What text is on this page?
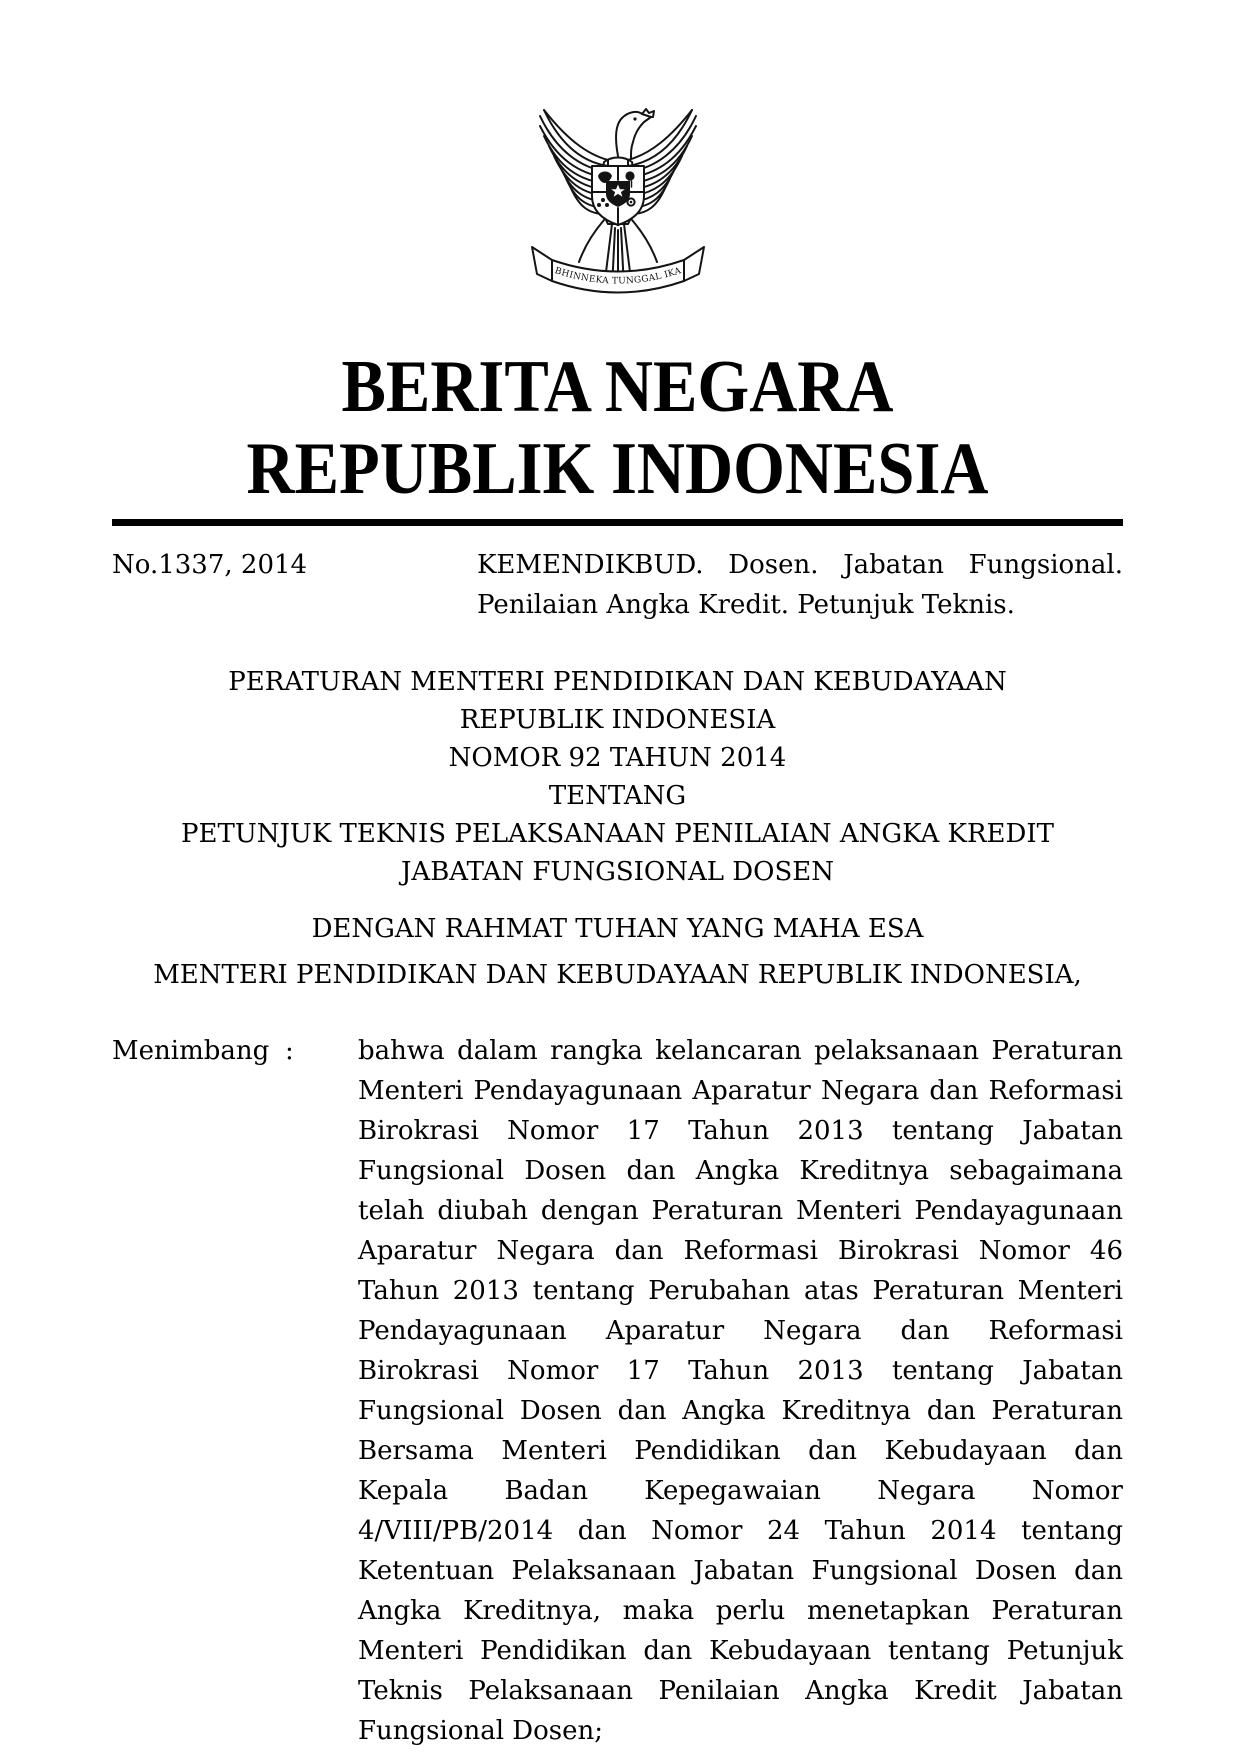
BHINNEKA TUNGGAL IKA
BERITA NEGARA
REPUBLIK INDONESIA
No.1337, 2014	KEMENDIKBUD. Dosen. Jabatan Fungsional.
Penilaian Angka Kredit. Petunjuk Teknis.
PERATURAN MENTERI PENDIDIKAN DAN KEBUDAYAAN
REPUBLIK INDONESIA
NOMOR 92 TAHUN 2014
TENTANG
PETUNJUK TEKNIS PELAKSANAAN PENILAIAN ANGKA KREDIT
JABATAN FUNGSIONAL DOSEN
DENGAN RAHMAT TUHAN YANG MAHA ESA
MENTERI PENDIDIKAN DAN KEBUDAYAAN REPUBLIK INDONESIA,
Menimbang :	bahwa dalam rangka kelancaran pelaksanaan Peraturan Menteri Pendayagunaan Aparatur Negara dan Reformasi Birokrasi Nomor 17 Tahun 2013 tentang Jabatan Fungsional Dosen dan Angka Kreditnya sebagaimana telah diubah dengan Peraturan Menteri Pendayagunaan Aparatur Negara dan Reformasi Birokrasi Nomor 46 Tahun 2013 tentang Perubahan atas Peraturan Menteri Pendayagunaan Aparatur Negara dan Reformasi Birokrasi Nomor 17 Tahun 2013 tentang Jabatan Fungsional Dosen dan Angka Kreditnya dan Peraturan Bersama Menteri Pendidikan dan Kebudayaan dan Kepala Badan Kepegawaian Negara Nomor 4/VIII/PB/2014 dan Nomor 24 Tahun 2014 tentang Ketentuan Pelaksanaan Jabatan Fungsional Dosen dan Angka Kreditnya, maka perlu menetapkan Peraturan Menteri Pendidikan dan Kebudayaan tentang Petunjuk Teknis Pelaksanaan Penilaian Angka Kredit Jabatan Fungsional Dosen;
